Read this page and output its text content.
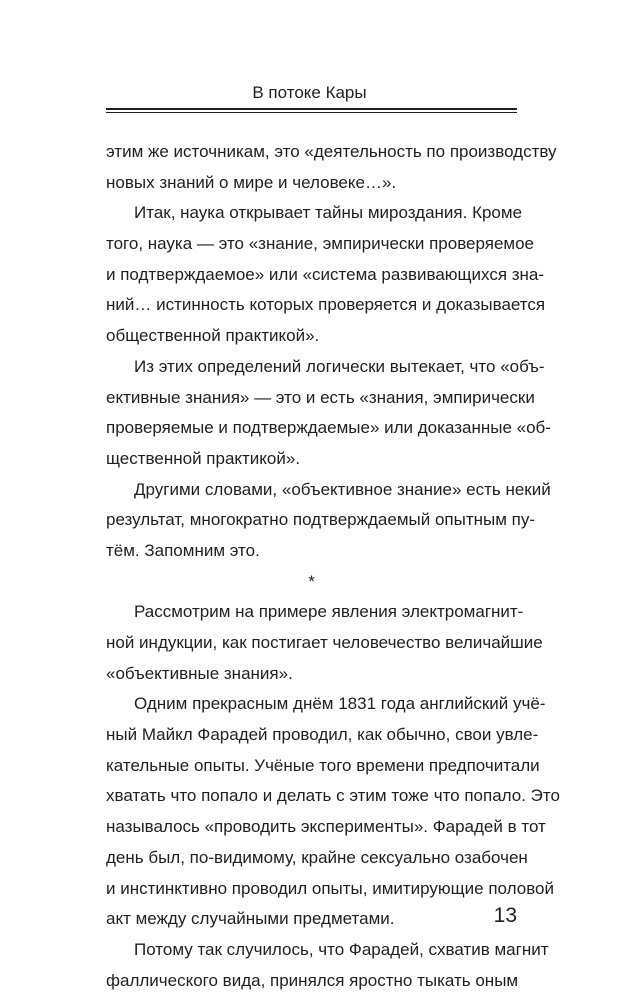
В потоке Кары
этим же источникам, это «деятельность по производству
новых знаний о мире и человеке…».
Итак, наука открывает тайны мироздания. Кроме
того, наука — это «знание, эмпирически проверяемое
и подтверждаемое» или «система развивающихся зна-
ний… истинность которых проверяется и доказывается
общественной практикой».
Из этих определений логически вытекает, что «объ-
ективные знания» — это и есть «знания, эмпирически
проверяемые и подтверждаемые» или доказанные «об-
щественной практикой».
Другими словами, «объективное знание» есть некий
результат, многократно подтверждаемый опытным пу-
тём. Запомним это.
*
Рассмотрим на примере явления электромагнит-
ной индукции, как постигает человечество величайшие
«объективные знания».
Одним прекрасным днём 1831 года английский учё-
ный Майкл Фарадей проводил, как обычно, свои увле-
кательные опыты. Учёные того времени предпочитали
хватать что попало и делать с этим тоже что попало. Это
называлось «проводить эксперименты». Фарадей в тот
день был, по-видимому, крайне сексуально озабочен
и инстинктивно проводил опыты, имитирующие половой
акт между случайными предметами.
Потому так случилось, что Фарадей, схватив магнит
фаллического вида, принялся яростно тыкать оным
13
